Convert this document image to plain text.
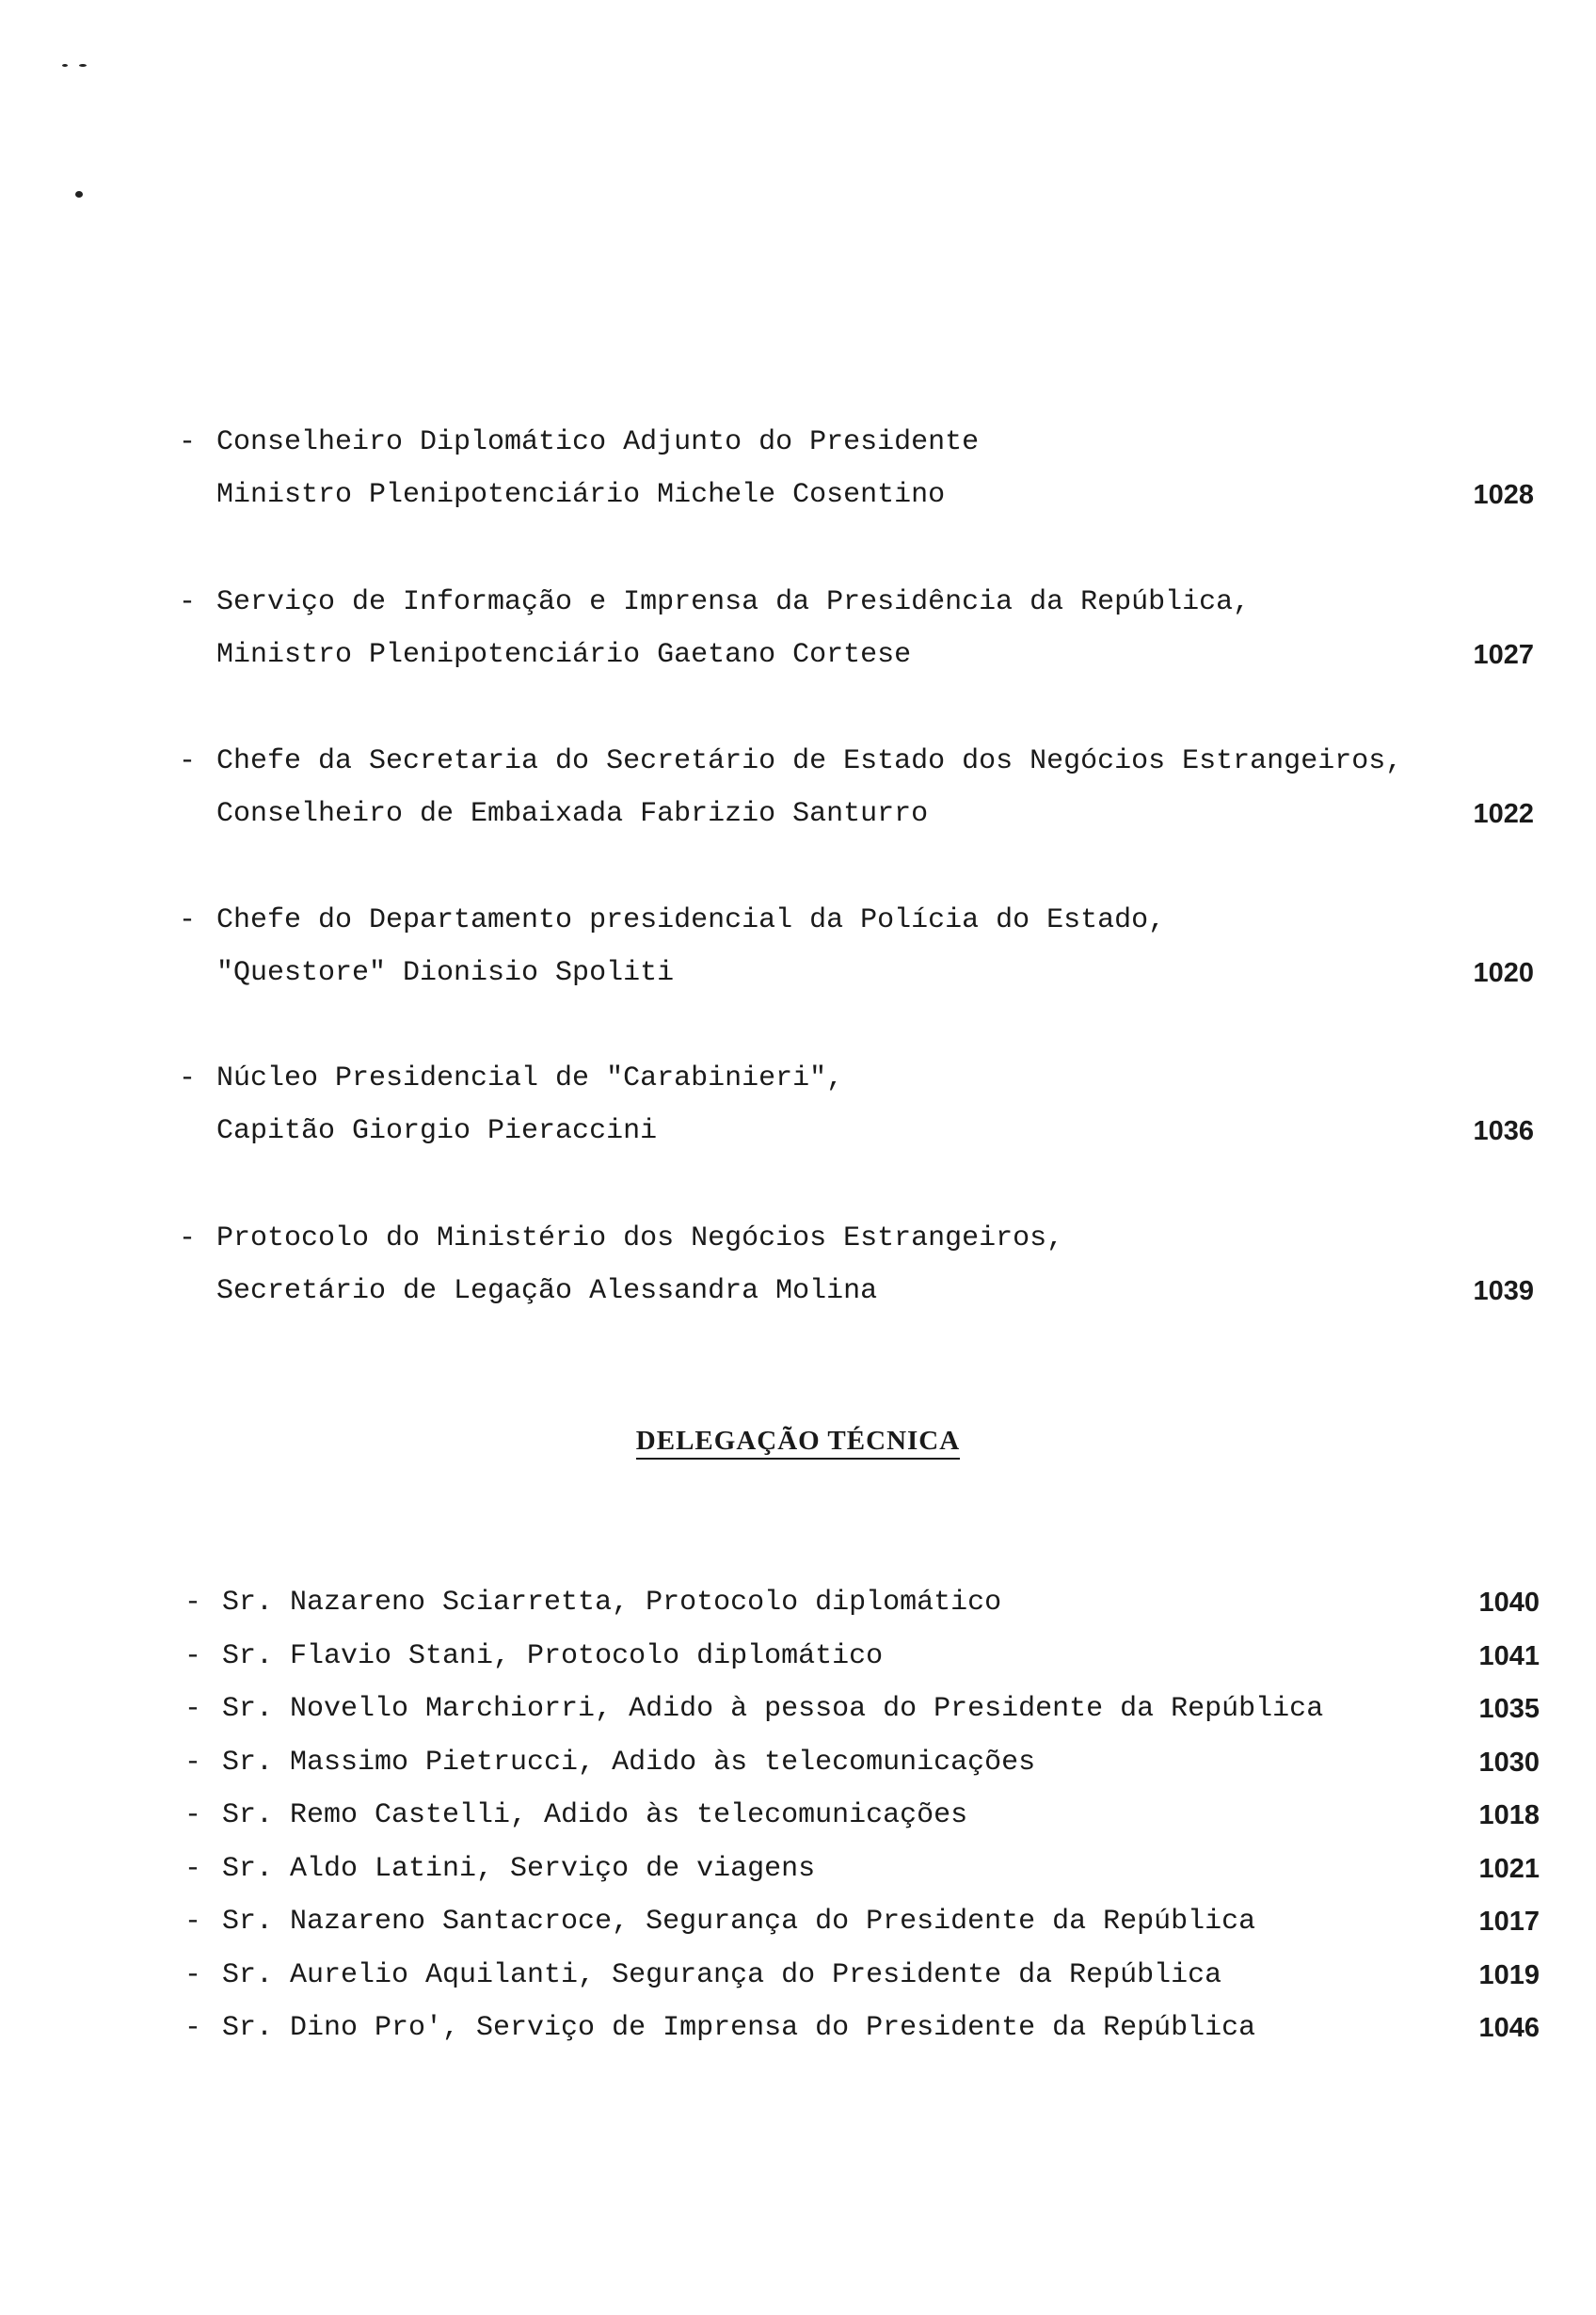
- Conselheiro Diplomático Adjunto do Presidente
Ministro Plenipotenciário Michele Cosentino	1028
- Serviço de Informação e Imprensa da Presidência da República,
Ministro Plenipotenciário Gaetano Cortese	1027
- Chefe da Secretaria do Secretário de Estado dos Negócios Estrangeiros,
Conselheiro de Embaixada Fabrizio Santurro	1022
- Chefe do Departamento presidencial da Polícia do Estado,
"Questore" Dionisio Spoliti	1020
- Núcleo Presidencial de "Carabinieri",
Capitão Giorgio Pieraccini	1036
- Protocolo do Ministério dos Negócios Estrangeiros,
Secretário de Legação Alessandra Molina	1039
DELEGAÇÃO TÉCNICA
- Sr. Nazareno Sciarretta, Protocolo diplomático	1040
- Sr. Flavio Stani, Protocolo diplomático	1041
- Sr. Novello Marchiorri, Adido à pessoa do Presidente da República	1035
- Sr. Massimo Pietrucci, Adido às telecomunicações	1030
- Sr. Remo Castelli, Adido às telecomunicações	1018
- Sr. Aldo Latini, Serviço de viagens	1021
- Sr. Nazareno Santacroce, Segurança do Presidente da República	1017
- Sr. Aurelio Aquilanti, Segurança do Presidente da República	1019
- Sr. Dino Pro', Serviço de Imprensa do Presidente da República	1046
